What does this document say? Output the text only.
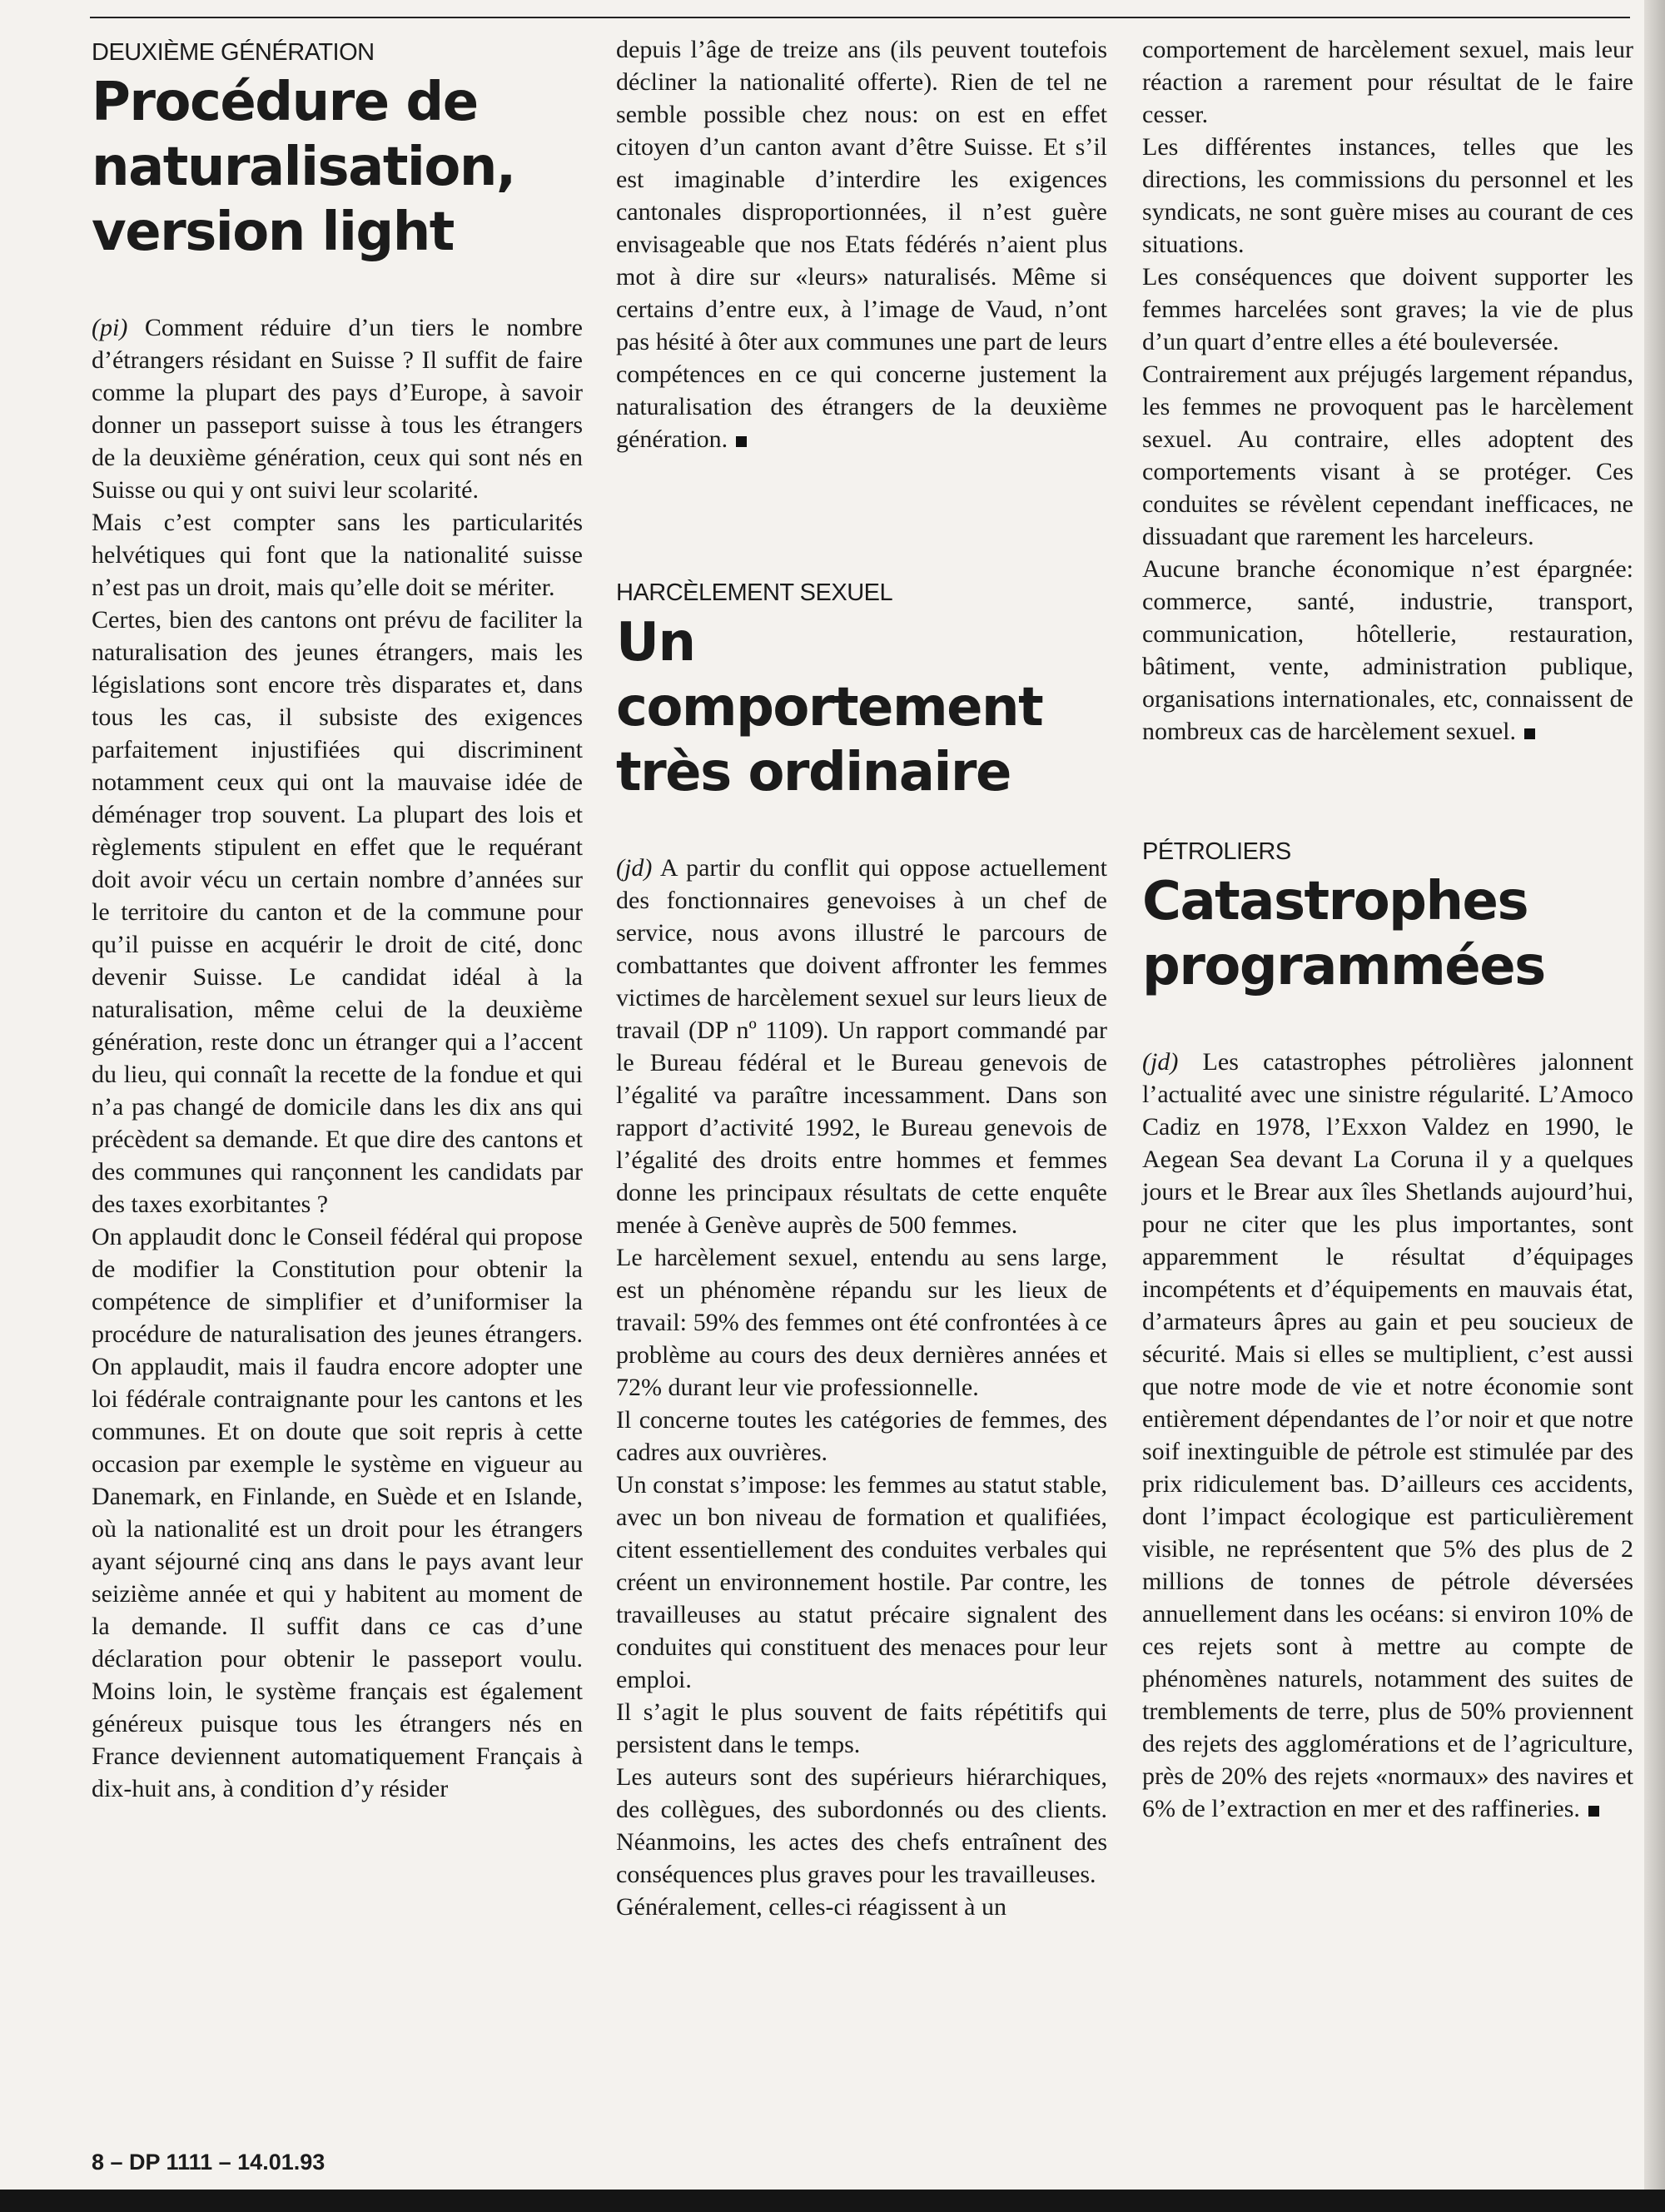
DEUXIÈME GÉNÉRATION
Procédure de naturalisation, version light

(pi) Comment réduire d’un tiers le nombre d’étrangers résidant en Suisse ? Il suffit de faire comme la plupart des pays d’Europe, à savoir donner un passeport suisse à tous les étrangers de la deuxième génération, ceux qui sont nés en Suisse ou qui y ont suivi leur scolarité.

Mais c’est compter sans les particularités helvétiques qui font que la nationalité suisse n’est pas un droit, mais qu’elle doit se mériter.

Certes, bien des cantons ont prévu de faciliter la naturalisation des jeunes étrangers, mais les législations sont encore très disparates et, dans tous les cas, il subsiste des exigences parfaitement injustifiées qui discriminent notamment ceux qui ont la mauvaise idée de déménager trop souvent. La plupart des lois et règlements stipulent en effet que le requérant doit avoir vécu un certain nombre d’années sur le territoire du canton et de la commune pour qu’il puisse en acquérir le droit de cité, donc devenir Suisse. Le candidat idéal à la naturalisation, même celui de la deuxième génération, reste donc un étranger qui a l’accent du lieu, qui connaît la recette de la fondue et qui n’a pas changé de domicile dans les dix ans qui précèdent sa demande. Et que dire des cantons et des communes qui rançonnent les candidats par des taxes exorbitantes ?

On applaudit donc le Conseil fédéral qui propose de modifier la Constitution pour obtenir la compétence de simplifier et d’uniformiser la procédure de naturalisation des jeunes étrangers. On applaudit, mais il faudra encore adopter une loi fédérale contraignante pour les cantons et les communes. Et on doute que soit repris à cette occasion par exemple le système en vigueur au Danemark, en Finlande, en Suède et en Islande, où la nationalité est un droit pour les étrangers ayant séjourné cinq ans dans le pays avant leur seizième année et qui y habitent au moment de la demande. Il suffit dans ce cas d’une déclaration pour obtenir le passeport voulu. Moins loin, le système français est également généreux puisque tous les étrangers nés en France deviennent automatiquement Français à dix-huit ans, à condition d’y résider

depuis l’âge de treize ans (ils peuvent toutefois décliner la nationalité offerte). Rien de tel ne semble possible chez nous: on est en effet citoyen d’un canton avant d’être Suisse. Et s’il est imaginable d’interdire les exigences cantonales disproportionnées, il n’est guère envisageable que nos Etats fédérés n’aient plus mot à dire sur «leurs» naturalisés. Même si certains d’entre eux, à l’image de Vaud, n’ont pas hésité à ôter aux communes une part de leurs compétences en ce qui concerne justement la naturalisation des étrangers de la deuxième génération.

HARCÈLEMENT SEXUEL
Un comportement très ordinaire

(jd) A partir du conflit qui oppose actuellement des fonctionnaires genevoises à un chef de service, nous avons illustré le parcours de combattantes que doivent affronter les femmes victimes de harcèlement sexuel sur leurs lieux de travail (DP nº 1109). Un rapport commandé par le Bureau fédéral et le Bureau genevois de l’égalité va paraître incessamment. Dans son rapport d’activité 1992, le Bureau genevois de l’égalité des droits entre hommes et femmes donne les principaux résultats de cette enquête menée à Genève auprès de 500 femmes.

Le harcèlement sexuel, entendu au sens large, est un phénomène répandu sur les lieux de travail: 59% des femmes ont été confrontées à ce problème au cours des deux dernières années et 72% durant leur vie professionnelle.

Il concerne toutes les catégories de femmes, des cadres aux ouvrières.

Un constat s’impose: les femmes au statut stable, avec un bon niveau de formation et qualifiées, citent essentiellement des conduites verbales qui créent un environnement hostile. Par contre, les travailleuses au statut précaire signalent des conduites qui constituent des menaces pour leur emploi.

Il s’agit le plus souvent de faits répétitifs qui persistent dans le temps.

Les auteurs sont des supérieurs hiérarchiques, des collègues, des subordonnés ou des clients. Néanmoins, les actes des chefs entraînent des conséquences plus graves pour les travailleuses.

Généralement, celles-ci réagissent à un

comportement de harcèlement sexuel, mais leur réaction a rarement pour résultat de le faire cesser.

Les différentes instances, telles que les directions, les commissions du personnel et les syndicats, ne sont guère mises au courant de ces situations.

Les conséquences que doivent supporter les femmes harcelées sont graves; la vie de plus d’un quart d’entre elles a été bouleversée.

Contrairement aux préjugés largement répandus, les femmes ne provoquent pas le harcèlement sexuel. Au contraire, elles adoptent des comportements visant à se protéger. Ces conduites se révèlent cependant inefficaces, ne dissuadant que rarement les harceleurs.

Aucune branche économique n’est épargnée: commerce, santé, industrie, transport, communication, hôtellerie, restauration, bâtiment, vente, administration publique, organisations internationales, etc, connaissent de nombreux cas de harcèlement sexuel.

PÉTROLIERS
Catastrophes programmées

(jd) Les catastrophes pétrolières jalonnent l’actualité avec une sinistre régularité. L’Amoco Cadiz en 1978, l’Exxon Valdez en 1990, le Aegean Sea devant La Coruna il y a quelques jours et le Brear aux îles Shetlands aujourd’hui, pour ne citer que les plus importantes, sont apparemment le résultat d’équipages incompétents et d’équipements en mauvais état, d’armateurs âpres au gain et peu soucieux de sécurité. Mais si elles se multiplient, c’est aussi que notre mode de vie et notre économie sont entièrement dépendantes de l’or noir et que notre soif inextinguible de pétrole est stimulée par des prix ridiculement bas. D’ailleurs ces accidents, dont l’impact écologique est particulièrement visible, ne représentent que 5% des plus de 2 millions de tonnes de pétrole déversées annuellement dans les océans: si environ 10% de ces rejets sont à mettre au compte de phénomènes naturels, notamment des suites de tremblements de terre, plus de 50% proviennent des rejets des agglomérations et de l’agriculture, près de 20% des rejets «normaux» des navires et 6% de l’extraction en mer et des raffineries.

8 – DP 1111 – 14.01.93
